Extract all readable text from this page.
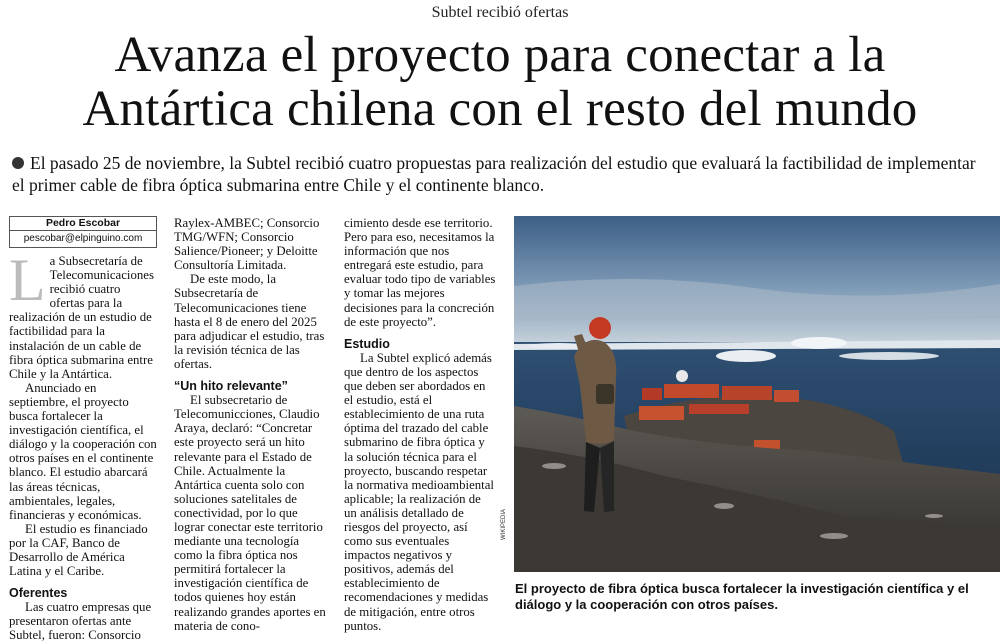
Subtel recibió ofertas
Avanza el proyecto para conectar a la
Antártica chilena con el resto del mundo
El pasado 25 de noviembre, la Subtel recibió cuatro propuestas para realización del estudio que evaluará la factibilidad de implementar el primer cable de fibra óptica submarina entre Chile y el continente blanco.
Pedro Escobar
pescobar@elpinguino.com

La Subsecretaría de Telecomunicaciones recibió cuatro ofertas para la realización de un estudio de factibilidad para la instalación de un cable de fibra óptica submarina entre Chile y la Antártica.

Anunciado en septiembre, el proyecto busca fortalecer la investigación científica, el diálogo y la cooperación con otros países en el continente blanco. El estudio abarcará las áreas técnicas, ambientales, legales, financieras y económicas.

El estudio es financiado por la CAF, Banco de Desarrollo de América Latina y el Caribe.

Oferentes

Las cuatro empresas que presentaron ofertas ante Subtel, fueron: Consorcio

Raylex-AMBEC; Consorcio TMG/WFN; Consorcio Salience/Pioneer; y Deloitte Consultoría Limitada.

De este modo, la Subsecretaría de Telecomunicaciones tiene hasta el 8 de enero del 2025 para adjudicar el estudio, tras la revisión técnica de las ofertas.

“Un hito relevante”

El subsecretario de Telecomunicciones, Claudio Araya, declaró: “Concretar este proyecto será un hito relevante para el Estado de Chile. Actualmente la Antártica cuenta solo con soluciones satelitales de conectividad, por lo que lograr conectar este territorio mediante una tecnología como la fibra óptica nos permitirá fortalecer la investigación científica de todos quienes hoy están realizando grandes aportes en materia de cono-

cimiento desde ese territorio. Pero para eso, necesitamos la información que nos entregará este estudio, para evaluar todo tipo de variables y tomar las mejores decisiones para la concreción de este proyecto”.

Estudio

La Subtel explicó además que dentro de los aspectos que deben ser abordados en el estudio, está el establecimiento de una ruta óptima del trazado del cable submarino de fibra óptica y la solución técnica para el proyecto, buscando respetar la normativa medioambiental aplicable; la realización de un análisis detallado de riesgos del proyecto, así como sus eventuales impactos negativos y positivos, además del establecimiento de recomendaciones y medidas de mitigación, entre otros puntos.

WIKIPEDIA
El proyecto de fibra óptica busca fortalecer la investigación científica y el diálogo y la cooperación con otros países.
